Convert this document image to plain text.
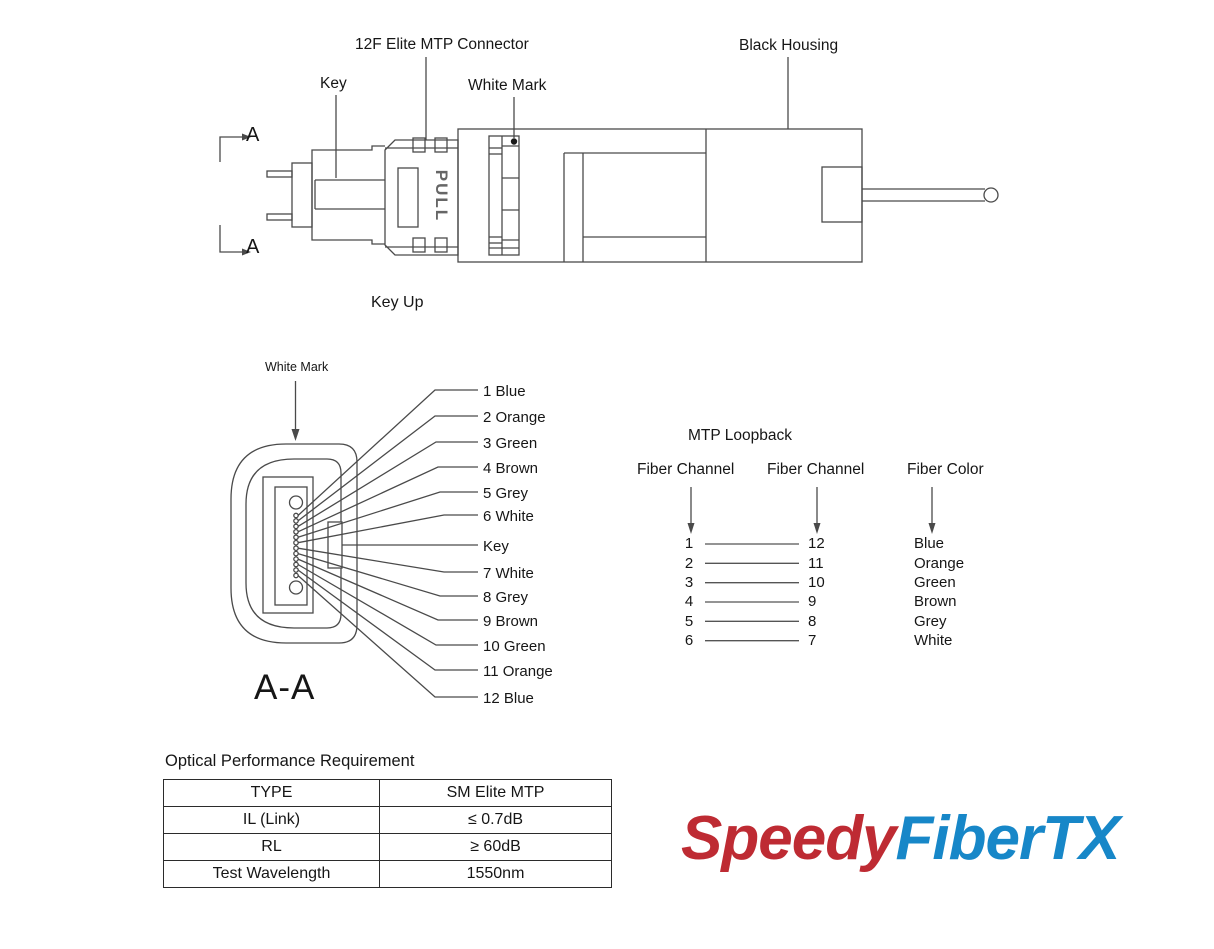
12F Elite MTP Connector
Key	White Mark
Black Housing
A
A
PULL
Key Up
White Mark
1 Blue
2 Orange
3 Green
4 Brown
5 Grey
6 White
Key
7 White
8 Grey
9 Brown
10 Green
11 Orange
12 Blue
A-A
MTP Loopback
Fiber Channel Fiber Channel	Fiber Color
1	12	Blue
2	11	Orange
3	10	Green
4	9	Brown
5	8	Grey
6	7	White
Optical Performance Requirement
TYPE	SM Elite MTP
IL (Link)	≤ 0.7dB
RL	≥ 60dB
Test Wavelength	1550nm
SpeedyFiberTX
